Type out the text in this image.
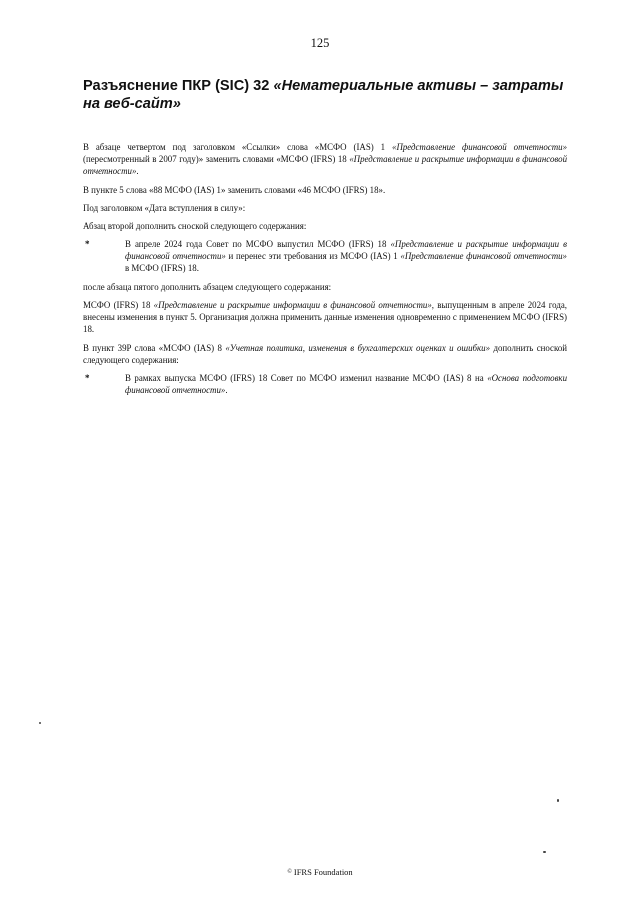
125
Разъяснение ПКР (SIC) 32 «Нематериальные активы – затраты на веб-сайт»

В абзаце четвертом под заголовком «Ссылки» слова «МСФО (IAS) 1 «Представление финансовой отчетности» (пересмотренный в 2007 году)» заменить словами «МСФО (IFRS) 18 «Представление и раскрытие информации в финансовой отчетности».

В пункте 5 слова «88 МСФО (IAS) 1» заменить словами «46 МСФО (IFRS) 18».

Под заголовком «Дата вступления в силу»:

Абзац второй дополнить сноской следующего содержания:

*	В апреле 2024 года Совет по МСФО выпустил МСФО (IFRS) 18 «Представление и раскрытие информации в финансовой отчетности» и перенес эти требования из МСФО (IAS) 1 «Представление финансовой отчетности» в МСФО (IFRS) 18.

после абзаца пятого дополнить абзацем следующего содержания:

МСФО (IFRS) 18 «Представление и раскрытие информации в финансовой отчетности», выпущенным в апреле 2024 года, внесены изменения в пункт 5. Организация должна применить данные изменения одновременно с применением МСФО (IFRS) 18.

В пункт 39P слова «МСФО (IAS) 8 «Учетная политика, изменения в бухгалтерских оценках и ошибки» дополнить сноской следующего содержания:

*	В рамках выпуска МСФО (IFRS) 18 Совет по МСФО изменил название МСФО (IAS) 8 на «Основа подготовки финансовой отчетности».
© IFRS Foundation
